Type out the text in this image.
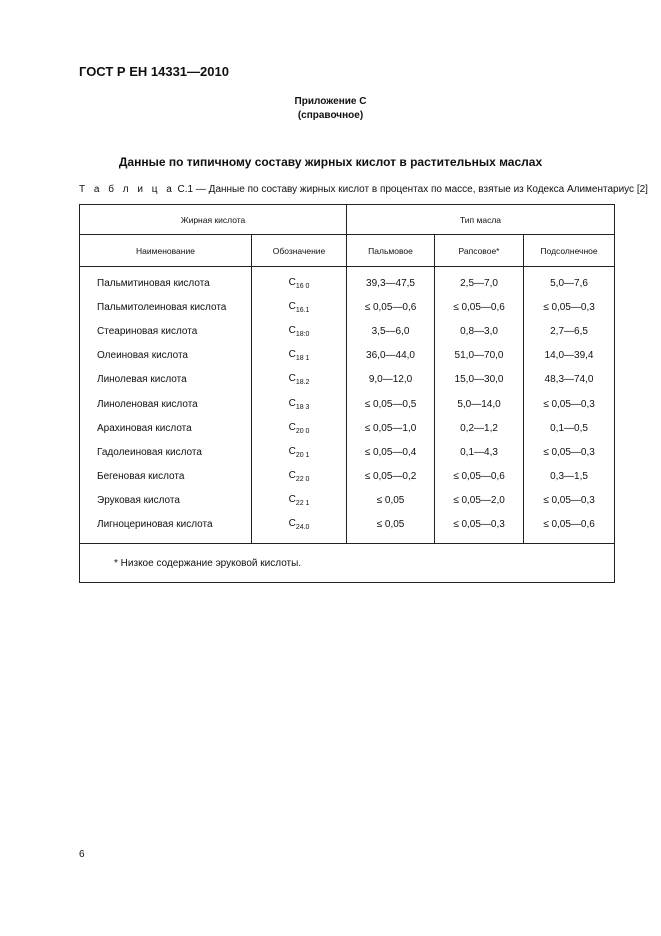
ГОСТ Р ЕН 14331—2010
Приложение С
(справочное)
Данные по типичному составу жирных кислот в растительных маслах
Т а б л и ц а С.1 — Данные по составу жирных кислот в процентах по массе, взятые из Кодекса Алиментариус [2]
Жирная кислота		Тип масла		
Наименование	Обозначение	Пальмовое	Рапсовое*	Подсолнечное
Пальмитиновая кислота	$C_{16 0}$	39,3—47,5	2,5—7,0	5,0—7,6
Пальмитолеиновая кислота	$C_{16.1}$	≤ 0,05—0,6	≤ 0,05—0,6	≤ 0,05—0,3
Стеариновая кислота	$C_{18:0}$	3,5—6,0	0,8—3,0	2,7—6,5
Олеиновая кислота	$C_{18 1}$	36,0—44,0	51,0—70,0	14,0—39,4
Линолевая кислота	$C_{18.2}$	9,0—12,0	15,0—30,0	48,3—74,0
Линоленовая кислота	$C_{18 3}$	≤ 0,05—0,5	5,0—14,0	≤ 0,05—0,3
Арахиновая кислота	$C_{20 0}$	≤ 0,05—1,0	0,2—1,2	0,1—0,5
Гадолеиновая кислота	$C_{20 1}$	≤ 0,05—0,4	0,1—4,3	≤ 0,05—0,3
Бегеновая кислота	$C_{22 0}$	≤ 0,05—0,2	≤ 0,05—0,6	0,3—1,5
Эруковая кислота	$C_{22 1}$	≤ 0,05	≤ 0,05—2,0	≤ 0,05—0,3
Лигноцериновая кислота	$C_{24.0}$	≤ 0,05	≤ 0,05—0,3	≤ 0,05—0,6
* Низкое содержание эруковой кислоты.				
6
